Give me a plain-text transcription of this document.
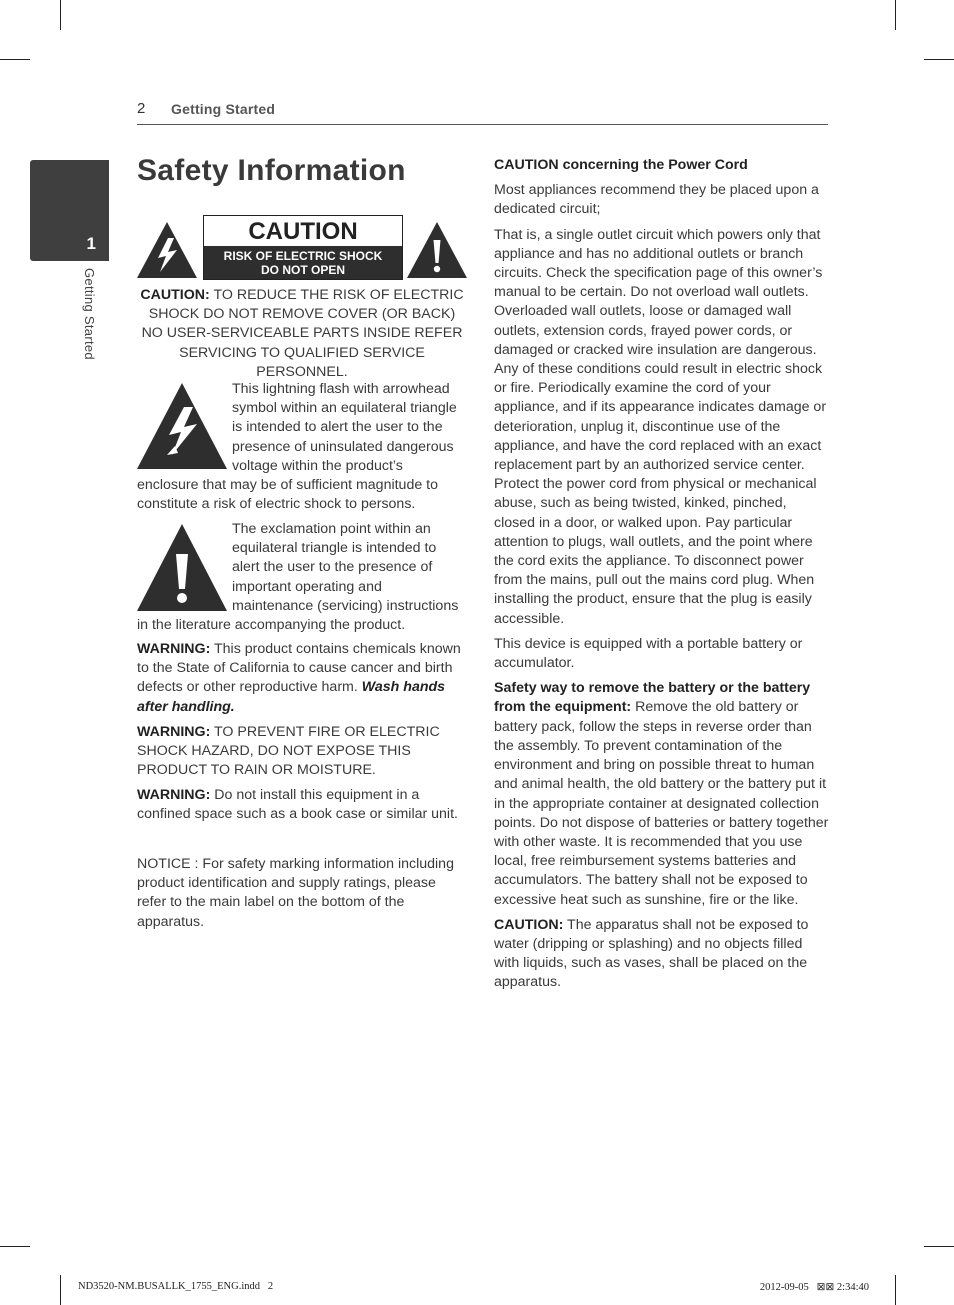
2 Getting Started
1
Getting Started
Safety Information
CAUTION
RISK OF ELECTRIC SHOCK
DO NOT OPEN

CAUTION: TO REDUCE THE RISK OF ELECTRIC SHOCK DO NOT REMOVE COVER (OR BACK) NO USER-SERVICEABLE PARTS INSIDE REFER SERVICING TO QUALIFIED SERVICE PERSONNEL.

This lightning flash with arrowhead symbol within an equilateral triangle is intended to alert the user to the presence of uninsulated dangerous voltage within the product’s

enclosure that may be of sufficient magnitude to constitute a risk of electric shock to persons.

The exclamation point within an equilateral triangle is intended to alert the user to the presence of important operating and maintenance (servicing) instructions

in the literature accompanying the product.

WARNING: This product contains chemicals known to the State of California to cause cancer and birth defects or other reproductive harm. Wash hands after handling.

WARNING: TO PREVENT FIRE OR ELECTRIC SHOCK HAZARD, DO NOT EXPOSE THIS PRODUCT TO RAIN OR MOISTURE.

WARNING: Do not install this equipment in a confined space such as a book case or similar unit.

NOTICE : For safety marking information including product identification and supply ratings, please refer to the main label on the bottom of the apparatus.

CAUTION concerning the Power Cord

Most appliances recommend they be placed upon a dedicated circuit;

That is, a single outlet circuit which powers only that appliance and has no additional outlets or branch circuits. Check the specification page of this owner’s manual to be certain. Do not overload wall outlets. Overloaded wall outlets, loose or damaged wall outlets, extension cords, frayed power cords, or damaged or cracked wire insulation are dangerous. Any of these conditions could result in electric shock or fire. Periodically examine the cord of your appliance, and if its appearance indicates damage or deterioration, unplug it, discontinue use of the appliance, and have the cord replaced with an exact replacement part by an authorized service center. Protect the power cord from physical or mechanical abuse, such as being twisted, kinked, pinched, closed in a door, or walked upon. Pay particular attention to plugs, wall outlets, and the point where the cord exits the appliance. To disconnect power from the mains, pull out the mains cord plug. When installing the product, ensure that the plug is easily accessible.

This device is equipped with a portable battery or accumulator.

Safety way to remove the battery or the battery from the equipment: Remove the old battery or battery pack, follow the steps in reverse order than the assembly. To prevent contamination of the environment and bring on possible threat to human and animal health, the old battery or the battery put it in the appropriate container at designated collection points. Do not dispose of batteries or battery together with other waste. It is recommended that you use local, free reimbursement systems batteries and accumulators. The battery shall not be exposed to excessive heat such as sunshine, fire or the like.

CAUTION: The apparatus shall not be exposed to water (dripping or splashing) and no objects filled with liquids, such as vases, shall be placed on the apparatus.

ND3520-NM.BUSALLK_1755_ENG.indd   2	2012-09-05   ⊠⊠ 2:34:40
